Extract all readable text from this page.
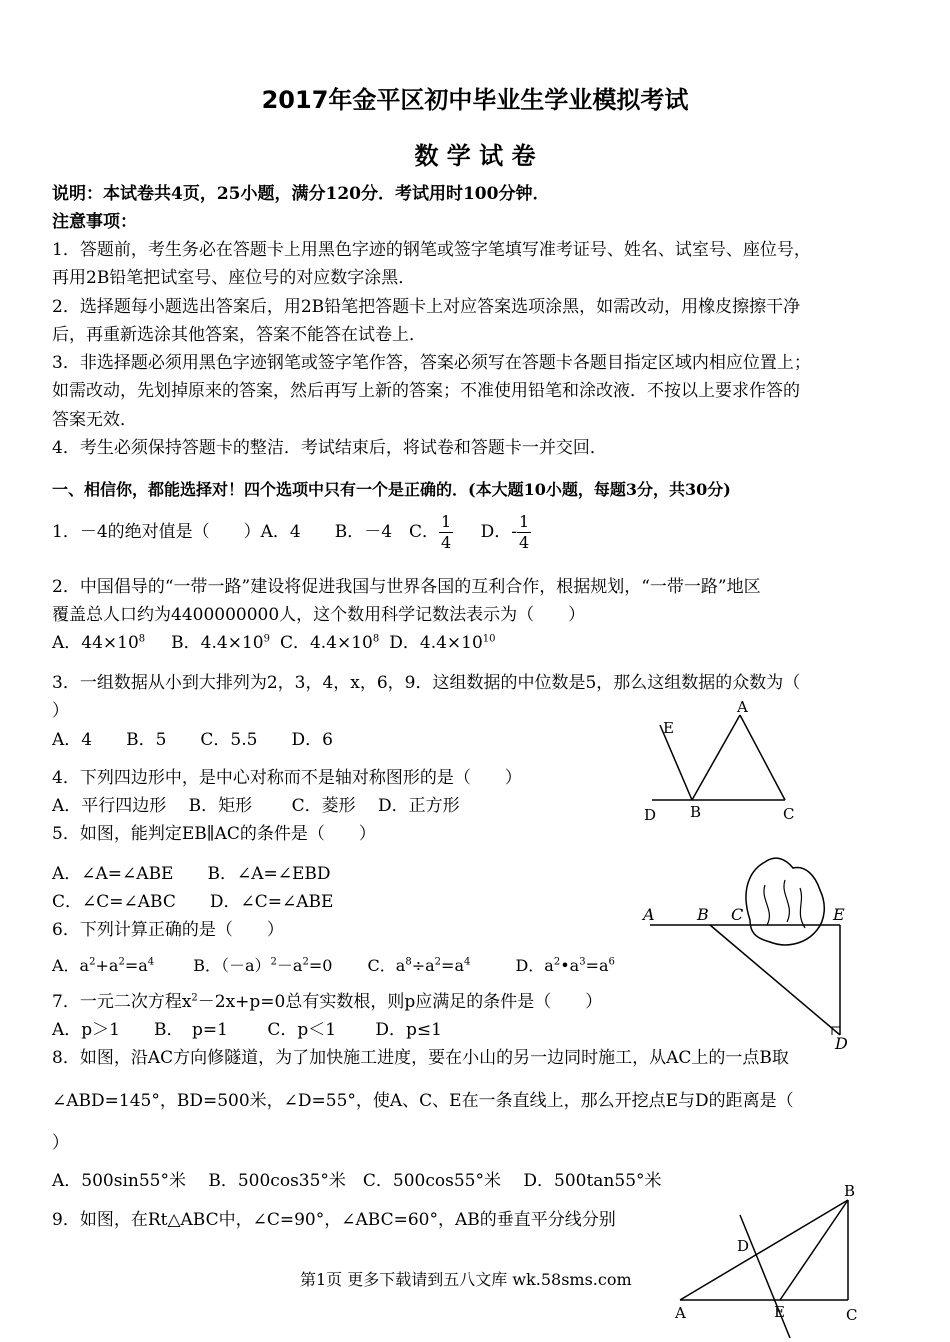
2017年金平区初中毕业生学业模拟考试
数 学 试 卷
说明：本试卷共4页，25小题，满分120分．考试用时100分钟．
注意事项：
1．答题前，考生务必在答题卡上用黑色字迹的钢笔或签字笔填写准考证号、姓名、试室号、座位号，
再用2B铅笔把试室号、座位号的对应数字涂黑．
2．选择题每小题选出答案后，用2B铅笔把答题卡上对应答案选项涂黑，如需改动，用橡皮擦擦干净
后，再重新选涂其他答案，答案不能答在试卷上．
3．非选择题必须用黑色字迹钢笔或签字笔作答，答案必须写在答题卡各题目指定区域内相应位置上；
如需改动，先划掉原来的答案，然后再写上新的答案；不准使用铅笔和涂改液．不按以上要求作答的
答案无效．
4．考生必须保持答题卡的整洁．考试结束后，将试卷和答题卡一并交回．
一、相信你，都能选择对！四个选项中只有一个是正确的．(本大题10小题，每题3分，共30分)
1．－4的绝对值是（　　）A．4　　B．－4　C． $\frac{1}{4}$ D．- $\frac{1}{4}$
2．中国倡导的“一带一路”建设将促进我国与世界各国的互利合作，根据规划，“一带一路”地区
覆盖总人口约为4400000000人，这个数用科学记数法表示为（　　）
A．$44\times 10^8$ B．$4.4\times 10^9$ C．$4.4\times 10^8$ D．$4.4\times 10^{10}$
3．一组数据从小到大排列为2，3，4，x，6，9．这组数据的中位数是5，那么这组数据的众数为（
）
A．4　　B．5　　C．5.5　　D．6
4．下列四边形中，是中心对称而不是轴对称图形的是（　　）
A．平行四边形　 B．矩形　　 C．菱形　 D．正方形
5．如图，能判定EB∥AC的条件是（　　）
A．∠A=∠ABE　　B．∠A=∠EBD
C．∠C=∠ABC　　D．∠C=∠ABE
6．下列计算正确的是（　　）
A．$a^2+a^2=a^4$ B．$(-a)^2-a^2=0$ C．$a^8\div a^2=a^4$	D．$a^2•a^3=a^6$
7．一元二次方程$x^2-2x+p=0$总有实数根，则p应满足的条件是（　　）
A．p＞1　　B．　p=1　　 C．p＜1　　 D．p≤1
8．如图，沿AC方向修隧道，为了加快施工进度，要在小山的另一边同时施工，从AC上的一点B取
∠ABD=145°，BD=500米，∠D=55°，使A、C、E在一条直线上，那么开挖点E与D的距离是（
）
A．500sin55°米　 B．500cos35°米　C．500cos55°米　 D．500tan55°米
9．如图，在Rt△ABC中，∠C=90°，∠ABC=60°，AB的垂直平分线分别
第1页 更多下载请到五八文库 wk.58sms.com
A
E
D B	C
A	B C	E
D
B
D
A	E	C
